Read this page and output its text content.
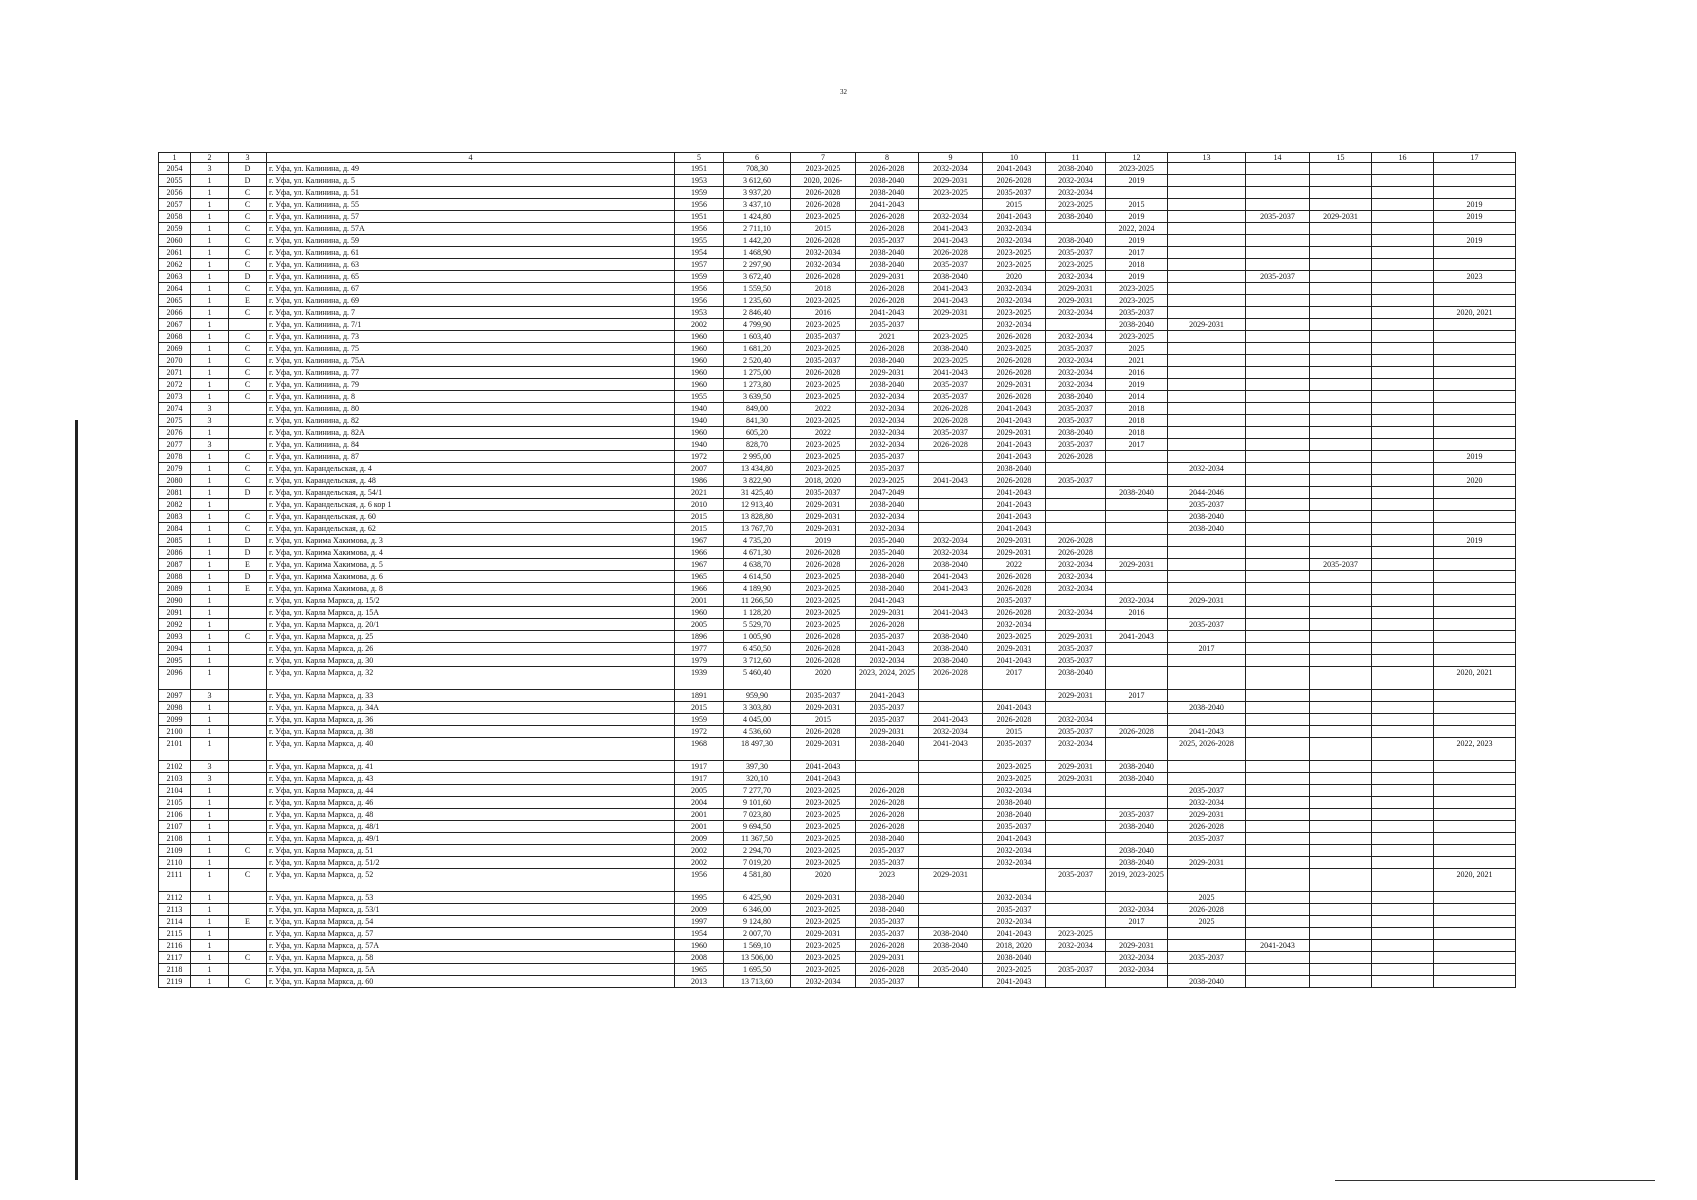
32
1	2	3	4	5	6	7	8	9	10	11	12	13	14	15	16	17
2054	3	D	г. Уфа, ул. Калинина, д. 49	1951	708,30	2023-2025	2026-2028	2032-2034	2041-2043	2038-2040	2023-2025					
2055	1	D	г. Уфа, ул. Калинина, д. 5	1953	3 612,60	2020, 2026-	2038-2040	2029-2031	2026-2028	2032-2034	2019					
2056	1	C	г. Уфа, ул. Калинина, д. 51	1959	3 937,20	2026-2028	2038-2040	2023-2025	2035-2037	2032-2034						
2057	1	C	г. Уфа, ул. Калинина, д. 55	1956	3 437,10	2026-2028	2041-2043		2015	2023-2025	2015					2019
2058	1	C	г. Уфа, ул. Калинина, д. 57	1951	1 424,80	2023-2025	2026-2028	2032-2034	2041-2043	2038-2040	2019		2035-2037	2029-2031		2019
2059	1	C	г. Уфа, ул. Калинина, д. 57А	1956	2 711,10	2015	2026-2028	2041-2043	2032-2034		2022, 2024					
2060	1	C	г. Уфа, ул. Калинина, д. 59	1955	1 442,20	2026-2028	2035-2037	2041-2043	2032-2034	2038-2040	2019					2019
2061	1	C	г. Уфа, ул. Калинина, д. 61	1954	1 468,90	2032-2034	2038-2040	2026-2028	2023-2025	2035-2037	2017					
2062	1	C	г. Уфа, ул. Калинина, д. 63	1957	2 297,90	2032-2034	2038-2040	2035-2037	2023-2025	2023-2025	2018					
2063	1	D	г. Уфа, ул. Калинина, д. 65	1959	3 672,40	2026-2028	2029-2031	2038-2040	2020	2032-2034	2019		2035-2037			2023
2064	1	C	г. Уфа, ул. Калинина, д. 67	1956	1 559,50	2018	2026-2028	2041-2043	2032-2034	2029-2031	2023-2025					
2065	1	E	г. Уфа, ул. Калинина, д. 69	1956	1 235,60	2023-2025	2026-2028	2041-2043	2032-2034	2029-2031	2023-2025					
2066	1	C	г. Уфа, ул. Калинина, д. 7	1953	2 846,40	2016	2041-2043	2029-2031	2023-2025	2032-2034	2035-2037					2020, 2021
2067	1		г. Уфа, ул. Калинина, д. 7/1	2002	4 799,90	2023-2025	2035-2037		2032-2034		2038-2040	2029-2031				
2068	1	C	г. Уфа, ул. Калинина, д. 73	1960	1 603,40	2035-2037	2021	2023-2025	2026-2028	2032-2034	2023-2025					
2069	1	C	г. Уфа, ул. Калинина, д. 75	1960	1 681,20	2023-2025	2026-2028	2038-2040	2023-2025	2035-2037	2025					
2070	1	C	г. Уфа, ул. Калинина, д. 75А	1960	2 520,40	2035-2037	2038-2040	2023-2025	2026-2028	2032-2034	2021					
2071	1	C	г. Уфа, ул. Калинина, д. 77	1960	1 275,00	2026-2028	2029-2031	2041-2043	2026-2028	2032-2034	2016					
2072	1	C	г. Уфа, ул. Калинина, д. 79	1960	1 273,80	2023-2025	2038-2040	2035-2037	2029-2031	2032-2034	2019					
2073	1	C	г. Уфа, ул. Калинина, д. 8	1955	3 639,50	2023-2025	2032-2034	2035-2037	2026-2028	2038-2040	2014					
2074	3		г. Уфа, ул. Калинина, д. 80	1940	849,00	2022	2032-2034	2026-2028	2041-2043	2035-2037	2018					
2075	3		г. Уфа, ул. Калинина, д. 82	1940	841,30	2023-2025	2032-2034	2026-2028	2041-2043	2035-2037	2018					
2076	1		г. Уфа, ул. Калинина, д. 82А	1960	605,20	2022	2032-2034	2035-2037	2029-2031	2038-2040	2018					
2077	3		г. Уфа, ул. Калинина, д. 84	1940	828,70	2023-2025	2032-2034	2026-2028	2041-2043	2035-2037	2017					
2078	1	C	г. Уфа, ул. Калинина, д. 87	1972	2 995,00	2023-2025	2035-2037		2041-2043	2026-2028						2019
2079	1	C	г. Уфа, ул. Карандельская, д. 4	2007	13 434,80	2023-2025	2035-2037		2038-2040			2032-2034				
2080	1	C	г. Уфа, ул. Карандельская, д. 48	1986	3 822,90	2018, 2020	2023-2025	2041-2043	2026-2028	2035-2037						2020
2081	1	D	г. Уфа, ул. Карандельская, д. 54/1	2021	31 425,40	2035-2037	2047-2049		2041-2043		2038-2040	2044-2046				
2082	1		г. Уфа, ул. Карандельская, д. 6 кор 1	2010	12 913,40	2029-2031	2038-2040		2041-2043			2035-2037				
2083	1	C	г. Уфа, ул. Карандельская, д. 60	2015	13 828,80	2029-2031	2032-2034		2041-2043			2038-2040				
2084	1	C	г. Уфа, ул. Карандельская, д. 62	2015	13 767,70	2029-2031	2032-2034		2041-2043			2038-2040				
2085	1	D	г. Уфа, ул. Карима Хакимова, д. 3	1967	4 735,20	2019	2035-2040	2032-2034	2029-2031	2026-2028						2019
2086	1	D	г. Уфа, ул. Карима Хакимова, д. 4	1966	4 671,30	2026-2028	2035-2040	2032-2034	2029-2031	2026-2028						
2087	1	E	г. Уфа, ул. Карима Хакимова, д. 5	1967	4 638,70	2026-2028	2026-2028	2038-2040	2022	2032-2034	2029-2031			2035-2037		
2088	1	D	г. Уфа, ул. Карима Хакимова, д. 6	1965	4 614,50	2023-2025	2038-2040	2041-2043	2026-2028	2032-2034						
2089	1	E	г. Уфа, ул. Карима Хакимова, д. 8	1966	4 189,90	2023-2025	2038-2040	2041-2043	2026-2028	2032-2034						
2090	1		г. Уфа, ул. Карла Маркса, д. 15/2	2001	11 266,50	2023-2025	2041-2043		2035-2037		2032-2034	2029-2031				
2091	1		г. Уфа, ул. Карла Маркса, д. 15А	1960	1 128,20	2023-2025	2029-2031	2041-2043	2026-2028	2032-2034	2016					
2092	1		г. Уфа, ул. Карла Маркса, д. 20/1	2005	5 529,70	2023-2025	2026-2028		2032-2034			2035-2037				
2093	1	C	г. Уфа, ул. Карла Маркса, д. 25	1896	1 005,90	2026-2028	2035-2037	2038-2040	2023-2025	2029-2031	2041-2043					
2094	1		г. Уфа, ул. Карла Маркса, д. 26	1977	6 450,50	2026-2028	2041-2043	2038-2040	2029-2031	2035-2037		2017				
2095	1		г. Уфа, ул. Карла Маркса, д. 30	1979	3 712,60	2026-2028	2032-2034	2038-2040	2041-2043	2035-2037						
2096	1		г. Уфа, ул. Карла Маркса, д. 32	1939	5 460,40	2020	2023, 2024, 2025	2026-2028	2017	2038-2040						2020, 2021
2097	3		г. Уфа, ул. Карла Маркса, д. 33	1891	959,90	2035-2037	2041-2043			2029-2031	2017					
2098	1		г. Уфа, ул. Карла Маркса, д. 34А	2015	3 303,80	2029-2031	2035-2037		2041-2043			2038-2040				
2099	1		г. Уфа, ул. Карла Маркса, д. 36	1959	4 045,00	2015	2035-2037	2041-2043	2026-2028	2032-2034						
2100	1		г. Уфа, ул. Карла Маркса, д. 38	1972	4 536,60	2026-2028	2029-2031	2032-2034	2015	2035-2037	2026-2028	2041-2043				
2101	1		г. Уфа, ул. Карла Маркса, д. 40	1968	18 497,30	2029-2031	2038-2040	2041-2043	2035-2037	2032-2034		2025, 2026-2028				2022, 2023
2102	3		г. Уфа, ул. Карла Маркса, д. 41	1917	397,30	2041-2043			2023-2025	2029-2031	2038-2040					
2103	3		г. Уфа, ул. Карла Маркса, д. 43	1917	320,10	2041-2043			2023-2025	2029-2031	2038-2040					
2104	1		г. Уфа, ул. Карла Маркса, д. 44	2005	7 277,70	2023-2025	2026-2028		2032-2034			2035-2037				
2105	1		г. Уфа, ул. Карла Маркса, д. 46	2004	9 101,60	2023-2025	2026-2028		2038-2040			2032-2034				
2106	1		г. Уфа, ул. Карла Маркса, д. 48	2001	7 023,80	2023-2025	2026-2028		2038-2040		2035-2037	2029-2031				
2107	1		г. Уфа, ул. Карла Маркса, д. 48/1	2001	9 694,50	2023-2025	2026-2028		2035-2037		2038-2040	2026-2028				
2108	1		г. Уфа, ул. Карла Маркса, д. 49/1	2009	11 367,50	2023-2025	2038-2040		2041-2043			2035-2037				
2109	1	C	г. Уфа, ул. Карла Маркса, д. 51	2002	2 294,70	2023-2025	2035-2037		2032-2034		2038-2040					
2110	1		г. Уфа, ул. Карла Маркса, д. 51/2	2002	7 019,20	2023-2025	2035-2037		2032-2034		2038-2040	2029-2031				
2111	1	C	г. Уфа, ул. Карла Маркса, д. 52	1956	4 581,80	2020	2023	2029-2031		2035-2037	2019, 2023-2025					2020, 2021
2112	1		г. Уфа, ул. Карла Маркса, д. 53	1995	6 425,90	2029-2031	2038-2040		2032-2034			2025				
2113	1		г. Уфа, ул. Карла Маркса, д. 53/1	2009	6 346,00	2023-2025	2038-2040		2035-2037		2032-2034	2026-2028				
2114	1	E	г. Уфа, ул. Карла Маркса, д. 54	1997	9 124,80	2023-2025	2035-2037		2032-2034		2017	2025				
2115	1		г. Уфа, ул. Карла Маркса, д. 57	1954	2 007,70	2029-2031	2035-2037	2038-2040	2041-2043	2023-2025						
2116	1		г. Уфа, ул. Карла Маркса, д. 57А	1960	1 569,10	2023-2025	2026-2028	2038-2040	2018, 2020	2032-2034	2029-2031		2041-2043			
2117	1	C	г. Уфа, ул. Карла Маркса, д. 58	2008	13 506,00	2023-2025	2029-2031		2038-2040		2032-2034	2035-2037				
2118	1		г. Уфа, ул. Карла Маркса, д. 5А	1965	1 695,50	2023-2025	2026-2028	2035-2040	2023-2025	2035-2037	2032-2034					
2119	1	C	г. Уфа, ул. Карла Маркса, д. 60	2013	13 713,60	2032-2034	2035-2037		2041-2043			2038-2040				
